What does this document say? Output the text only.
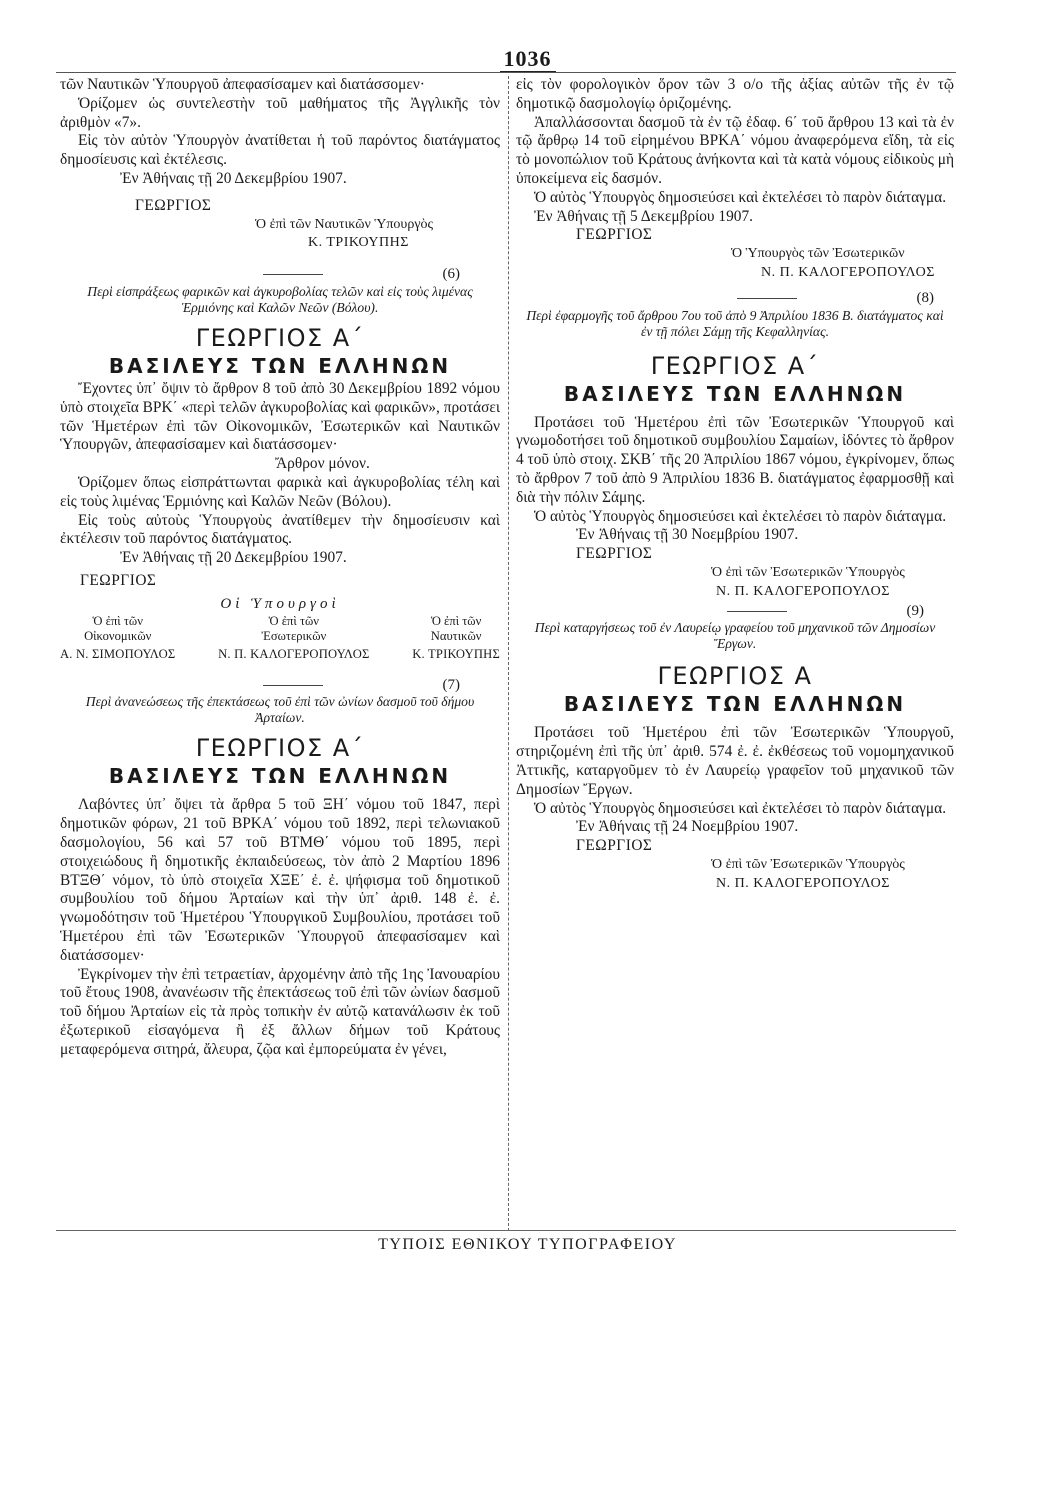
1036

τῶν Ναυτικῶν Ὑπουργοῦ ἀπεφασίσαμεν καὶ διατάσσομεν·

Ὁρίζομεν ὡς συντελεστὴν τοῦ μαθήματος τῆς Ἀγγλικῆς τὸν ἀριθμὸν «7».

Εἰς τὸν αὐτὸν Ὑπουργὸν ἀνατίθεται ἡ τοῦ παρόντος διατάγματος δημοσίευσις καὶ ἐκτέλεσις.

Ἐν Ἀθήναις τῇ 20 Δεκεμβρίου 1907.

ΓΕΩΡΓΙΟΣ
Ὁ ἐπὶ τῶν Ναυτικῶν Ὑπουργὸς
Κ. ΤΡΙΚΟΥΠΗΣ
(6)
Περὶ εἰσπράξεως φαρικῶν καὶ ἀγκυροβολίας τελῶν καὶ εἰς τοὺς λιμένας Ἑρμιόνης καὶ Καλῶν Νεῶν (Βόλου).
ΓΕΩΡΓΙΟΣ Α΄
ΒΑΣΙΛΕΥΣ ΤΩΝ ΕΛΛΗΝΩΝ

Ἔχοντες ὑπ᾽ ὄψιν τὸ ἄρθρον 8 τοῦ ἀπὸ 30 Δεκεμβρίου 1892 νόμου ὑπὸ στοιχεῖα ΒΡΚ΄ «περὶ τελῶν ἀγκυροβολίας καὶ φαρικῶν», προτάσει τῶν Ἡμετέρων ἐπὶ τῶν Οἰκονομικῶν, Ἐσωτερικῶν καὶ Ναυτικῶν Ὑπουργῶν, ἀπεφασίσαμεν καὶ διατάσσομεν·

Ἄρθρον μόνον.

Ὁρίζομεν ὅπως εἰσπράττωνται φαρικὰ καὶ ἀγκυροβολίας τέλη καὶ εἰς τοὺς λιμένας Ἑρμιόνης καὶ Καλῶν Νεῶν (Βόλου).

Εἰς τοὺς αὐτοὺς Ὑπουργοὺς ἀνατίθεμεν τὴν δημοσίευσιν καὶ ἐκτέλεσιν τοῦ παρόντος διατάγματος.

Ἐν Ἀθήναις τῇ 20 Δεκεμβρίου 1907.

ΓΕΩΡΓΙΟΣ
Οἱ Ὑπουργοὶ
Ὁ ἐπὶ τῶν
Οἰκονομικῶν
Α. Ν. ΣΙΜΟΠΟΥΛΟΣ
Ὁ ἐπὶ τῶν
Ἐσωτερικῶν
Ν. Π. ΚΑΛΟΓΕΡΟΠΟΥΛΟΣ
Ὁ ἐπὶ τῶν
Ναυτικῶν
Κ. ΤΡΙΚΟΥΠΗΣ
(7)
Περὶ ἀνανεώσεως τῆς ἐπεκτάσεως τοῦ ἐπὶ τῶν ὠνίων δασμοῦ τοῦ δήμου Ἀρταίων.
ΓΕΩΡΓΙΟΣ Α΄
ΒΑΣΙΛΕΥΣ ΤΩΝ ΕΛΛΗΝΩΝ

Λαβόντες ὑπ᾽ ὄψει τὰ ἄρθρα 5 τοῦ ΞΗ΄ νόμου τοῦ 1847, περὶ δημοτικῶν φόρων, 21 τοῦ ΒΡΚΑ΄ νόμου τοῦ 1892, περὶ τελωνιακοῦ δασμολογίου, 56 καὶ 57 τοῦ ΒΤΜΘ΄ νόμου τοῦ 1895, περὶ στοιχειώδους ἢ δημοτικῆς ἐκπαιδεύσεως, τὸν ἀπὸ 2 Μαρτίου 1896 ΒΤΞΘ΄ νόμον, τὸ ὑπὸ στοιχεῖα ΧΞΕ΄ ἐ. ἐ. ψήφισμα τοῦ δημοτικοῦ συμβουλίου τοῦ δήμου Ἀρταίων καὶ τὴν ὑπ᾽ ἀριθ. 148 ἐ. ἐ. γνωμοδότησιν τοῦ Ἡμετέρου Ὑπουργικοῦ Συμβουλίου, προτάσει τοῦ Ἡμετέρου ἐπὶ τῶν Ἐσωτερικῶν Ὑπουργοῦ ἀπεφασίσαμεν καὶ διατάσσομεν·

Ἐγκρίνομεν τὴν ἐπὶ τετραετίαν, ἀρχομένην ἀπὸ τῆς 1ης Ἰανουαρίου τοῦ ἔτους 1908, ἀνανέωσιν τῆς ἐπεκτάσεως τοῦ ἐπὶ τῶν ὠνίων δασμοῦ τοῦ δήμου Ἀρταίων εἰς τὰ πρὸς τοπικὴν ἐν αὐτῷ κατανάλωσιν ἐκ τοῦ ἐξωτερικοῦ εἰσαγόμενα ἢ ἐξ ἄλλων δήμων τοῦ Κράτους μεταφερόμενα σιτηρά, ἄλευρα, ζῷα καὶ ἐμπορεύματα ἐν γένει,

εἰς τὸν φορολογικὸν ὅρον τῶν 3 ο/ο τῆς ἀξίας αὐτῶν τῆς ἐν τῷ δημοτικῷ δασμολογίῳ ὁριζομένης.

Ἀπαλλάσσονται δασμοῦ τὰ ἐν τῷ ἐδαφ. 6΄ τοῦ ἄρθρου 13 καὶ τὰ ἐν τῷ ἄρθρῳ 14 τοῦ εἰρημένου ΒΡΚΑ΄ νόμου ἀναφερόμενα εἴδη, τὰ εἰς τὸ μονοπώλιον τοῦ Κράτους ἀνήκοντα καὶ τὰ κατὰ νόμους εἰδικοὺς μὴ ὑποκείμενα εἰς δασμόν.

Ὁ αὐτὸς Ὑπουργὸς δημοσιεύσει καὶ ἐκτελέσει τὸ παρὸν διάταγμα.

Ἐν Ἀθήναις τῇ 5 Δεκεμβρίου 1907.

ΓΕΩΡΓΙΟΣ
Ὁ Ὑπουργὸς τῶν Ἐσωτερικῶν
Ν. Π. ΚΑΛΟΓΕΡΟΠΟΥΛΟΣ
(8)
Περὶ ἐφαρμογῆς τοῦ ἄρθρου 7ου τοῦ ἀπὸ 9 Ἀπριλίου 1836 Β. διατάγματος καὶ ἐν τῇ πόλει Σάμῃ τῆς Κεφαλληνίας.
ΓΕΩΡΓΙΟΣ Α΄
ΒΑΣΙΛΕΥΣ ΤΩΝ ΕΛΛΗΝΩΝ

Προτάσει τοῦ Ἡμετέρου ἐπὶ τῶν Ἐσωτερικῶν Ὑπουργοῦ καὶ γνωμοδοτήσει τοῦ δημοτικοῦ συμβουλίου Σαμαίων, ἰδόντες τὸ ἄρθρον 4 τοῦ ὑπὸ στοιχ. ΣΚΒ΄ τῆς 20 Ἀπριλίου 1867 νόμου, ἐγκρίνομεν, ὅπως τὸ ἄρθρον 7 τοῦ ἀπὸ 9 Ἀπριλίου 1836 Β. διατάγματος ἐφαρμοσθῇ καὶ διὰ τὴν πόλιν Σάμης.

Ὁ αὐτὸς Ὑπουργὸς δημοσιεύσει καὶ ἐκτελέσει τὸ παρὸν διάταγμα.

Ἐν Ἀθήναις τῇ 30 Νοεμβρίου 1907.

ΓΕΩΡΓΙΟΣ
Ὁ ἐπὶ τῶν Ἐσωτερικῶν Ὑπουργὸς
Ν. Π. ΚΑΛΟΓΕΡΟΠΟΥΛΟΣ
(9)
Περὶ καταργήσεως τοῦ ἐν Λαυρείῳ γραφείου τοῦ μηχανικοῦ τῶν Δημοσίων Ἔργων.
ΓΕΩΡΓΙΟΣ Α
ΒΑΣΙΛΕΥΣ ΤΩΝ ΕΛΛΗΝΩΝ

Προτάσει τοῦ Ἡμετέρου ἐπὶ τῶν Ἐσωτερικῶν Ὑπουργοῦ, στηριζομένη ἐπὶ τῆς ὑπ᾽ ἀριθ. 574 ἐ. ἐ. ἐκθέσεως τοῦ νομομηχανικοῦ Ἀττικῆς, καταργοῦμεν τὸ ἐν Λαυρείῳ γραφεῖον τοῦ μηχανικοῦ τῶν Δημοσίων Ἔργων.

Ὁ αὐτὸς Ὑπουργὸς δημοσιεύσει καὶ ἐκτελέσει τὸ παρὸν διάταγμα.

Ἐν Ἀθήναις τῇ 24 Νοεμβρίου 1907.

ΓΕΩΡΓΙΟΣ
Ὁ ἐπὶ τῶν Ἐσωτερικῶν Ὑπουργὸς
Ν. Π. ΚΑΛΟΓΕΡΟΠΟΥΛΟΣ
ΤΥΠΟΙΣ ΕΘΝΙΚΟΥ ΤΥΠΟΓΡΑΦΕΙΟΥ
